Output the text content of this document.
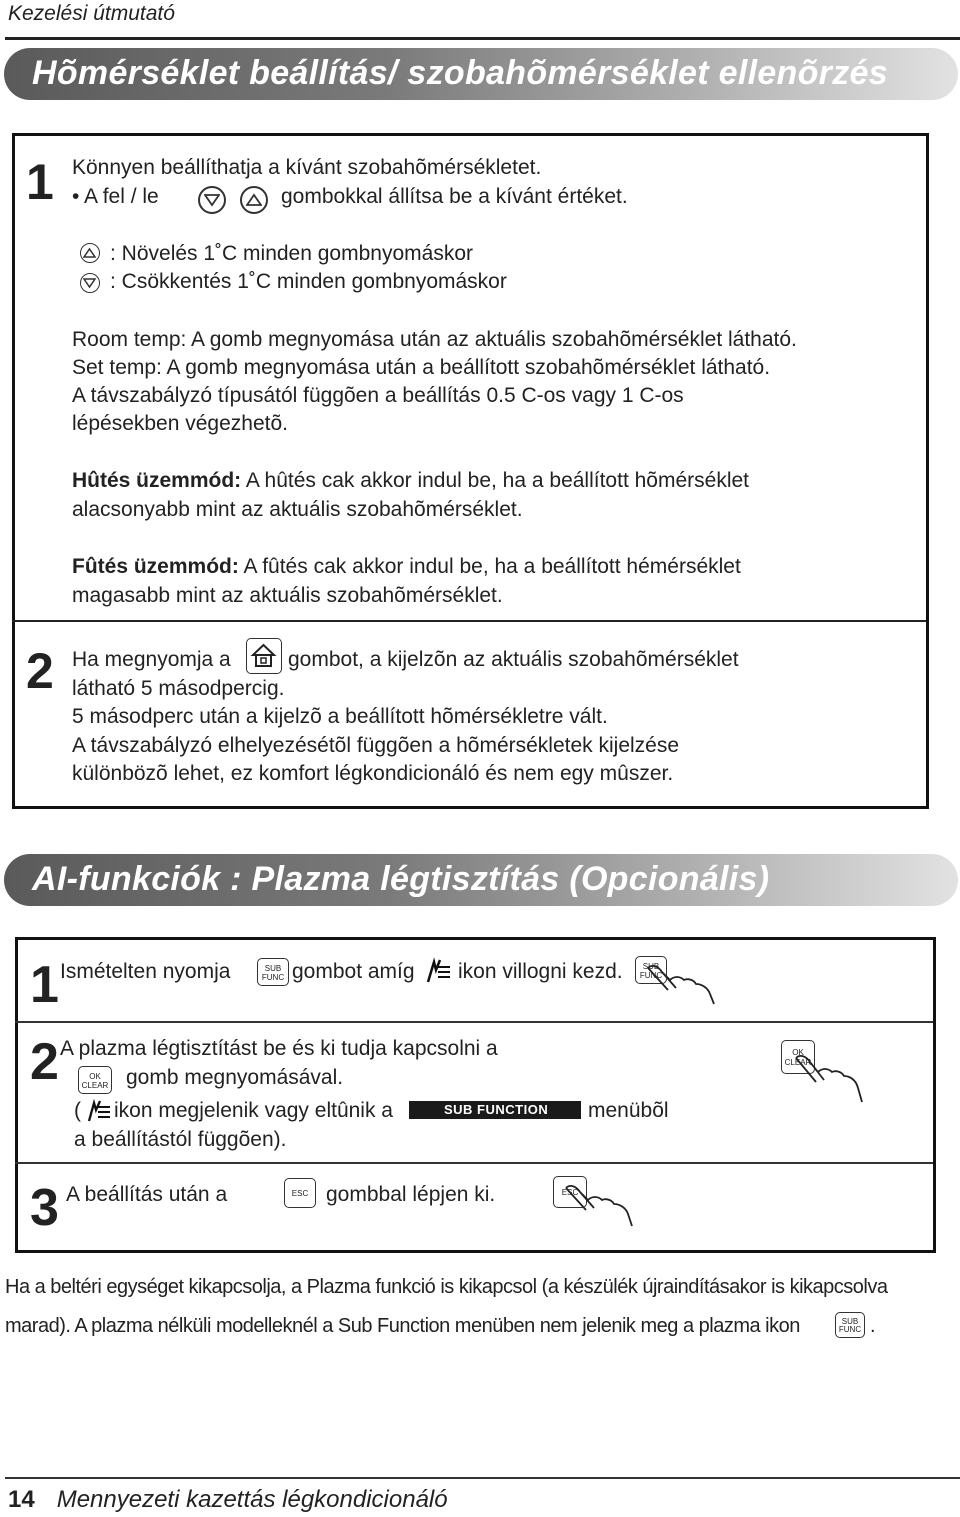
Kezelési útmutató
Hõmérséklet beállítás/ szobahõmérséklet ellenõrzés
1 Könnyen beállíthatja a kívánt szobahõmérsékletet.
• A fel / le	gombokkal állítsa be a kívánt értéket.
: Növelés 1˚C minden gombnyomáskor
: Csökkentés 1˚C minden gombnyomáskor
Room temp: A gomb megnyomása után az aktuális szobahõmérséklet látható.
Set temp: A gomb megnyomása után a beállított szobahõmérséklet látható.
A távszabályzó típusától függõen a beállítás 0.5 C-os vagy 1 C-os
lépésekben végezhetõ.
Hûtés üzemmód: A hûtés cak akkor indul be, ha a beállított hõmérséklet
alacsonyabb mint az aktuális szobahõmérséklet.
Fûtés üzemmód: A fûtés cak akkor indul be, ha a beállított hémérséklet
magasabb mint az aktuális szobahõmérséklet.
2 Ha megnyomja a	gombot, a kijelzõn az aktuális szobahõmérséklet
látható 5 másodpercig.
5 másodperc után a kijelzõ a beállított hõmérsékletre vált.
A távszabályzó elhelyezésétõl függõen a hõmérsékletek kijelzése
különbözõ lehet, ez komfort légkondicionáló és nem egy mûszer.
AI-funkciók : Plazma légtisztítás (Opcionális)
1 Ismételten nyomja	SUB
FUNC gombot amíg ikon villogni kezd.	SUB
FUNC
2 A plazma légtisztítást be és ki tudja kapcsolni a
OK
CLEAR gomb megnyomásával.
( ikon megjelenik vagy eltûnik a	SUB FUNCTION	menübõl
a beállítástól függõen).
OK
CLEAR
3 A beállítás után a	ESC gombbal lépjen ki.	ESC
Ha a beltéri egységet kikapcsolja, a Plazma funkció is kikapcsol (a készülék újraindításakor is kikapcsolva
marad). A plazma nélküli modelleknél a Sub Function menüben nem jelenik meg a plazma ikon	SUB
FUNC .
14 Mennyezeti kazettás légkondicionáló
